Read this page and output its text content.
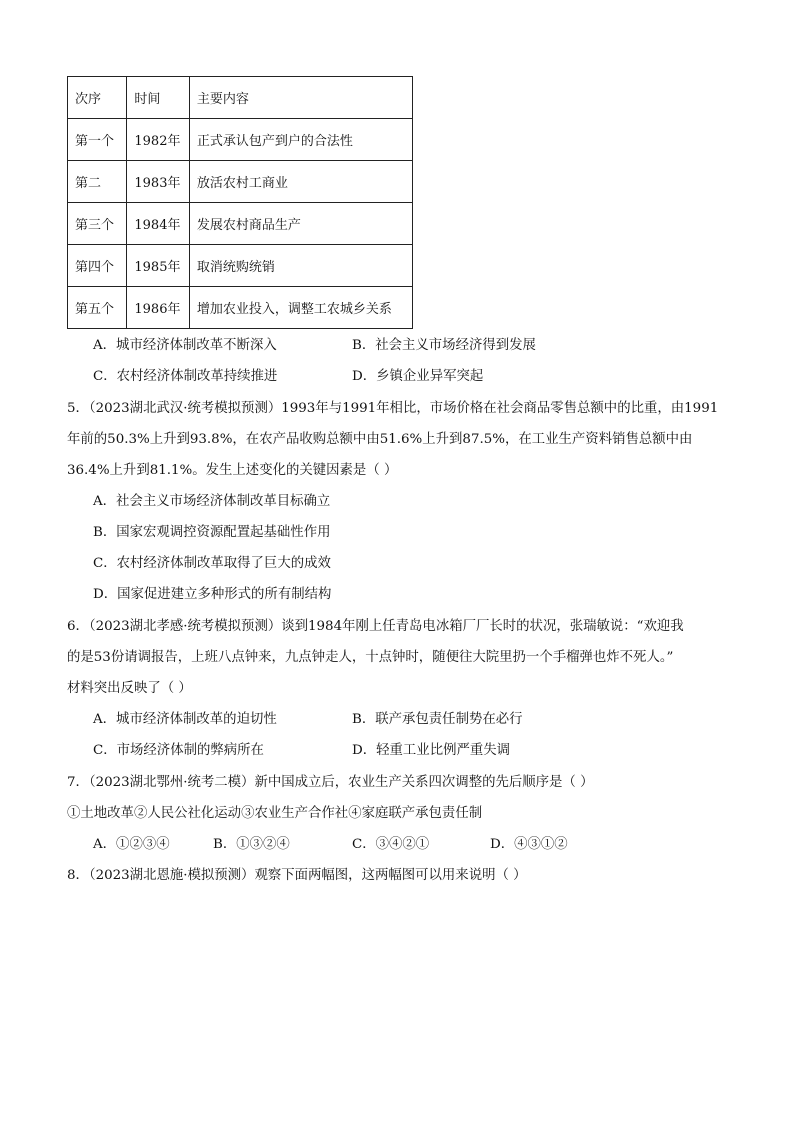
次序	时间	主要内容
第一个	1982年	正式承认包产到户的合法性
第二	1983年	放活农村工商业
第三个	1984年	发展农村商品生产
第四个	1985年	取消统购统销
第五个	1986年	增加农业投入，调整工农城乡关系
A．城市经济体制改革不断深入	B．社会主义市场经济得到发展
C．农村经济体制改革持续推进	D．乡镇企业异军突起
5．（2023湖北武汉·统考模拟预测）1993年与1991年相比，市场价格在社会商品零售总额中的比重，由1991
年前的50.3%上升到93.8%，在农产品收购总额中由51.6%上升到87.5%，在工业生产资料销售总额中由
36.4%上升到81.1%。发生上述变化的关键因素是（ ）
A．社会主义市场经济体制改革目标确立
B．国家宏观调控资源配置起基础性作用
C．农村经济体制改革取得了巨大的成效
D．国家促进建立多种形式的所有制结构
6．（2023湖北孝感·统考模拟预测）谈到1984年刚上任青岛电冰箱厂厂长时的状况，张瑞敏说：“欢迎我
的是53份请调报告，上班八点钟来，九点钟走人，十点钟时，随便往大院里扔一个手榴弹也炸不死人。”
材料突出反映了（ ）
A．城市经济体制改革的迫切性	B．联产承包责任制势在必行
C．市场经济体制的弊病所在	D．轻重工业比例严重失调
7．（2023湖北鄂州·统考二模）新中国成立后，农业生产关系四次调整的先后顺序是（ ）
①土地改革②人民公社化运动③农业生产合作社④家庭联产承包责任制
A．①②③④	B．①③②④	C．③④②①	D．④③①②
8．（2023湖北恩施·模拟预测）观察下面两幅图，这两幅图可以用来说明（ ）
